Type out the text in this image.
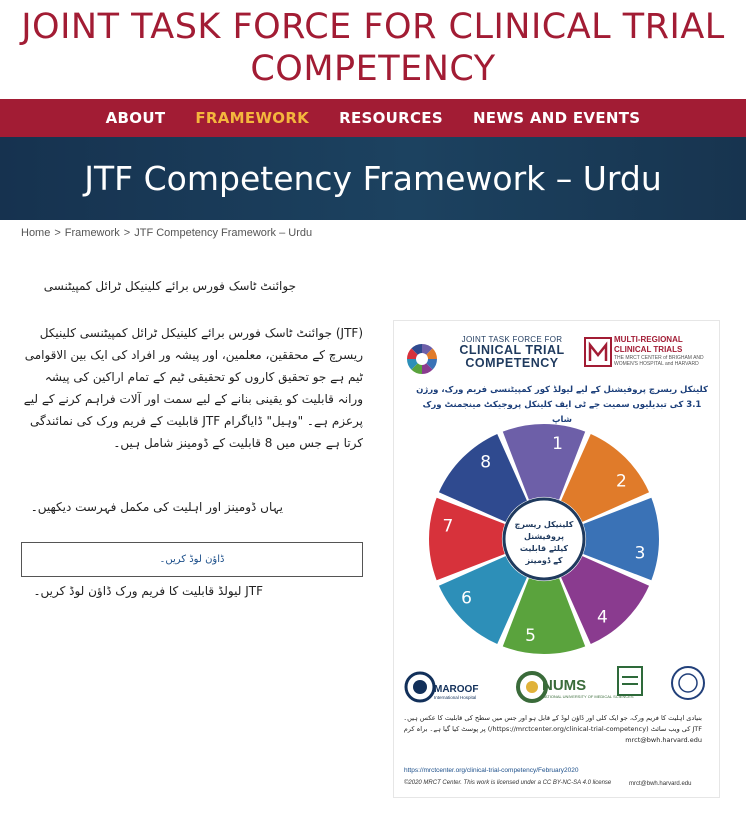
JOINT TASK FORCE FOR CLINICAL TRIAL COMPETENCY
ABOUT	FRAMEWORK	RESOURCES	NEWS AND EVENTS
JTF Competency Framework – Urdu
Home > Framework > JTF Competency Framework – Urdu

جوائنٹ ٹاسک فورس برائے کلینیکل ٹرائل کمپیٹنسی

(JTF) جوائنٹ ٹاسک فورس برائے کلینیکل ٹرائل کمپیٹنسی کلینیکل ریسرچ کے محققین، معلمین، اور پیشہ ور افراد کی ایک بین الاقوامی ٹیم ہے جو تحقیق کاروں کو تحقیقی ٹیم کے تمام اراکین کی پیشہ ورانہ قابلیت کو یقینی بنانے کے لیے سمت اور آلات فراہم کرنے کے لیے پرعزم ہے۔ "وہیل" ڈایاگرام JTF قابلیت کے فریم ورک کی نمائندگی کرتا ہے جس میں 8 قابلیت کے ڈومینز شامل ہیں۔

یہاں ڈومینز اور اہلیت کی مکمل فہرست دیکھیں۔

ڈاؤن لوڈ کریں۔

JTF لیولڈ قابلیت کا فریم ورک ڈاؤن لوڈ کریں۔

JOINT TASK FORCE FOR
CLINICAL TRIAL COMPETENCY
MULTI-REGIONAL CLINICAL TRIALS
THE MRCT CENTER of BRIGHAM AND WOMEN'S HOSPITAL and HARVARD
کلینکل ریسرچ پروفیشنل کے لیے لیولڈ کور کمپیٹنسی فریم ورک، ورژن 3.1 کی تبدیلیوں سمیت جے ٹی ایف کلینکل پروجیکٹ مینجمنٹ ورک شاپ
1
2
3
4
5
6
7
8
کلینیکل ریسرچ پروفیشنل کیلئے قابلیت کے ڈومینز
MAROOF
International Hospital
NUMS
NATIONAL UNIVERSITY OF MEDICAL SCIENCES
بنیادی اہلیت کا فریم ورک، جو ایک کلی اور ڈاؤن لوڈ کے قابل ہو اور جس میں سطح کی قابلیت کا عکس ہیں۔ JTF کی ویب سائٹ (https://mrctcenter.org/clinical-trial-competency/) پر پوسٹ کیا گیا ہے۔ براہ کرم mrct@bwh.harvard.edu
https://mrctcenter.org/clinical-trial-competency/February2020
©2020 MRCT Center. This work is licensed under a CC BY-NC-SA 4.0 license	mrct@bwh.harvard.edu
